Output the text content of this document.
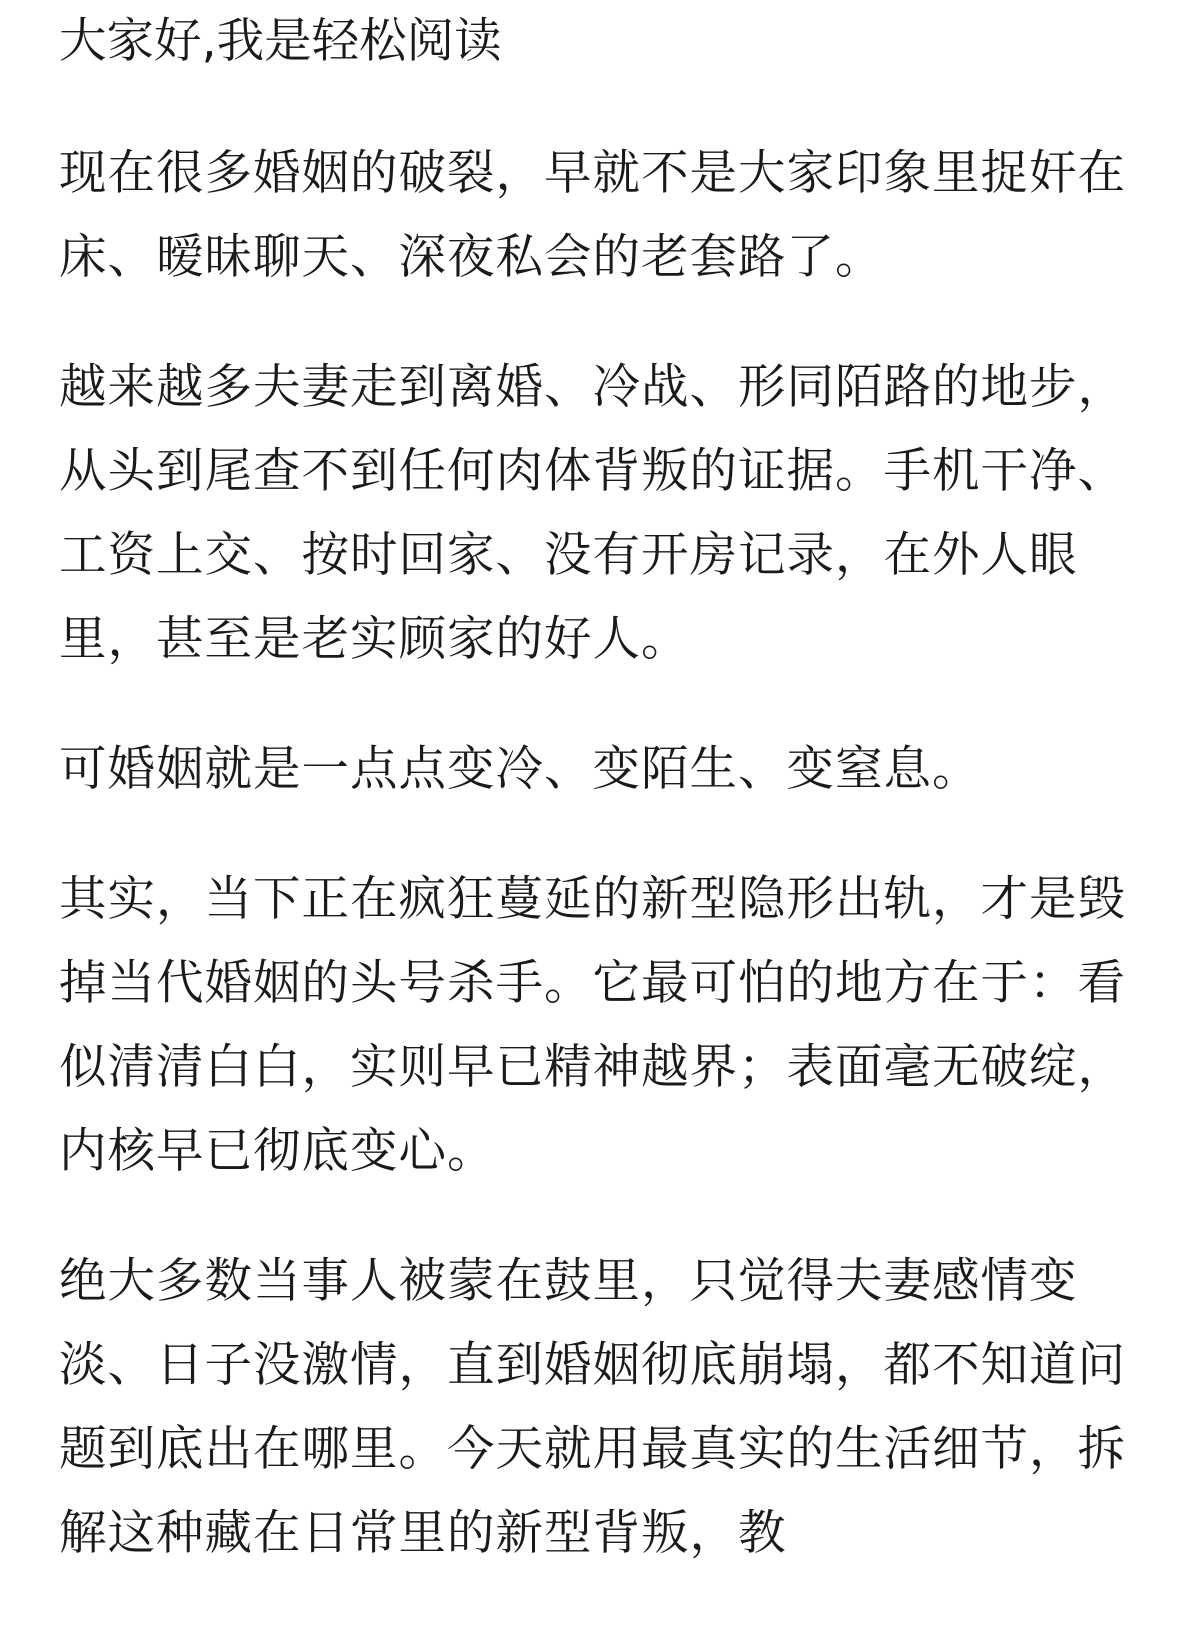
大家好,我是轻松阅读

现在很多婚姻的破裂，早就不是大家印象里捉奸在床、暧昧聊天、深夜私会的老套路了。

越来越多夫妻走到离婚、冷战、形同陌路的地步，从头到尾查不到任何肉体背叛的证据。手机干净、工资上交、按时回家、没有开房记录，在外人眼里，甚至是老实顾家的好人。

可婚姻就是一点点变冷、变陌生、变窒息。

其实，当下正在疯狂蔓延的新型隐形出轨，才是毁掉当代婚姻的头号杀手。它最可怕的地方在于：看似清清白白，实则早已精神越界；表面毫无破绽，内核早已彻底变心。

绝大多数当事人被蒙在鼓里，只觉得夫妻感情变淡、日子没激情，直到婚姻彻底崩塌，都不知道问题到底出在哪里。今天就用最真实的生活细节，拆解这种藏在日常里的新型背叛，教
